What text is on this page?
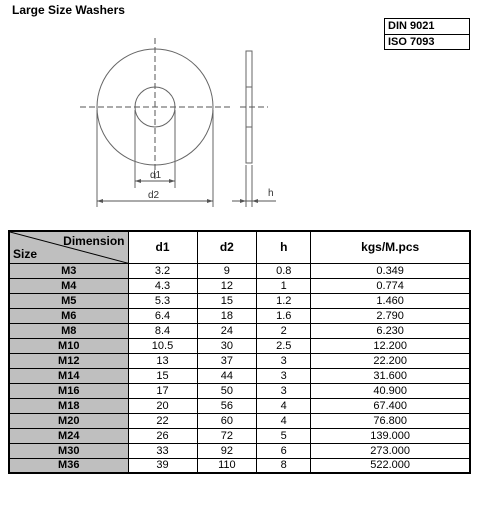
Large Size Washers
DIN 9021
ISO 7093
d1
d2	h
Dimension
Size	d1	d2	h	kgs/M.pcs
M3	3.2	9	0.8	0.349
M4	4.3	12	1	0.774
M5	5.3	15	1.2	1.460
M6	6.4	18	1.6	2.790
M8	8.4	24	2	6.230
M10	10.5	30	2.5	12.200
M12	13	37	3	22.200
M14	15	44	3	31.600
M16	17	50	3	40.900
M18	20	56	4	67.400
M20	22	60	4	76.800
M24	26	72	5	139.000
M30	33	92	6	273.000
M36	39	110	8	522.000
